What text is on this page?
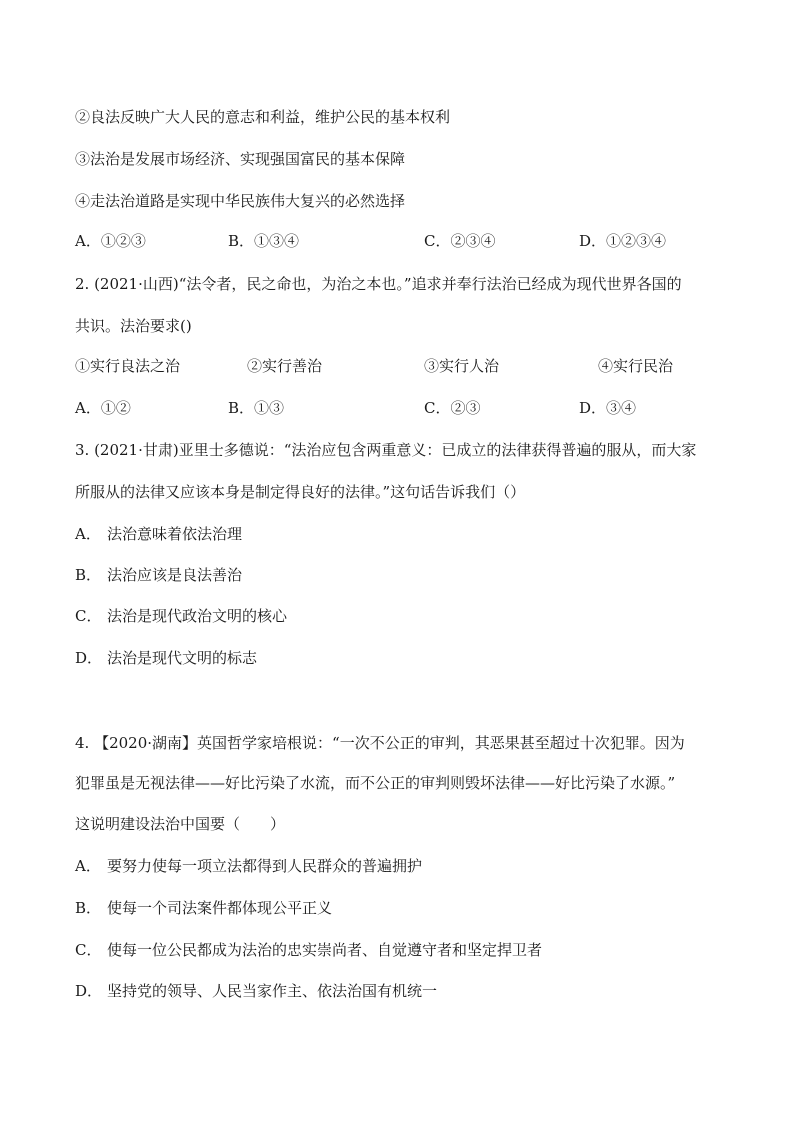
②良法反映广大人民的意志和利益，维护公民的基本权利
③法治是发展市场经济、实现强国富民的基本保障
④走法治道路是实现中华民族伟大复兴的必然选择
A．①②③	B．①③④	C．②③④	D．①②③④
2. (2021·山西)“法令者，民之命也，为治之本也。”追求并奉行法治已经成为现代世界各国的
共识。法治要求()
①实行良法之治	②实行善治	③实行人治	④实行民治
A．①②	B．①③	C．②③	D．③④
3. (2021·甘肃)亚里士多德说：“法治应包含两重意义：已成立的法律获得普遍的服从，而大家
所服从的法律又应该本身是制定得良好的法律。”这句话告诉我们（）
A． 法治意味着依法治理
B． 法治应该是良法善治
C． 法治是现代政治文明的核心
D． 法治是现代文明的标志
4. 【2020·湖南】英国哲学家培根说：“一次不公正的审判，其恶果甚至超过十次犯罪。因为
犯罪虽是无视法律——好比污染了水流，而不公正的审判则毁坏法律——好比污染了水源。”
这说明建设法治中国要（　　）
A． 要努力使每一项立法都得到人民群众的普遍拥护
B． 使每一个司法案件都体现公平正义
C． 使每一位公民都成为法治的忠实崇尚者、自觉遵守者和坚定捍卫者
D． 坚持党的领导、人民当家作主、依法治国有机统一
